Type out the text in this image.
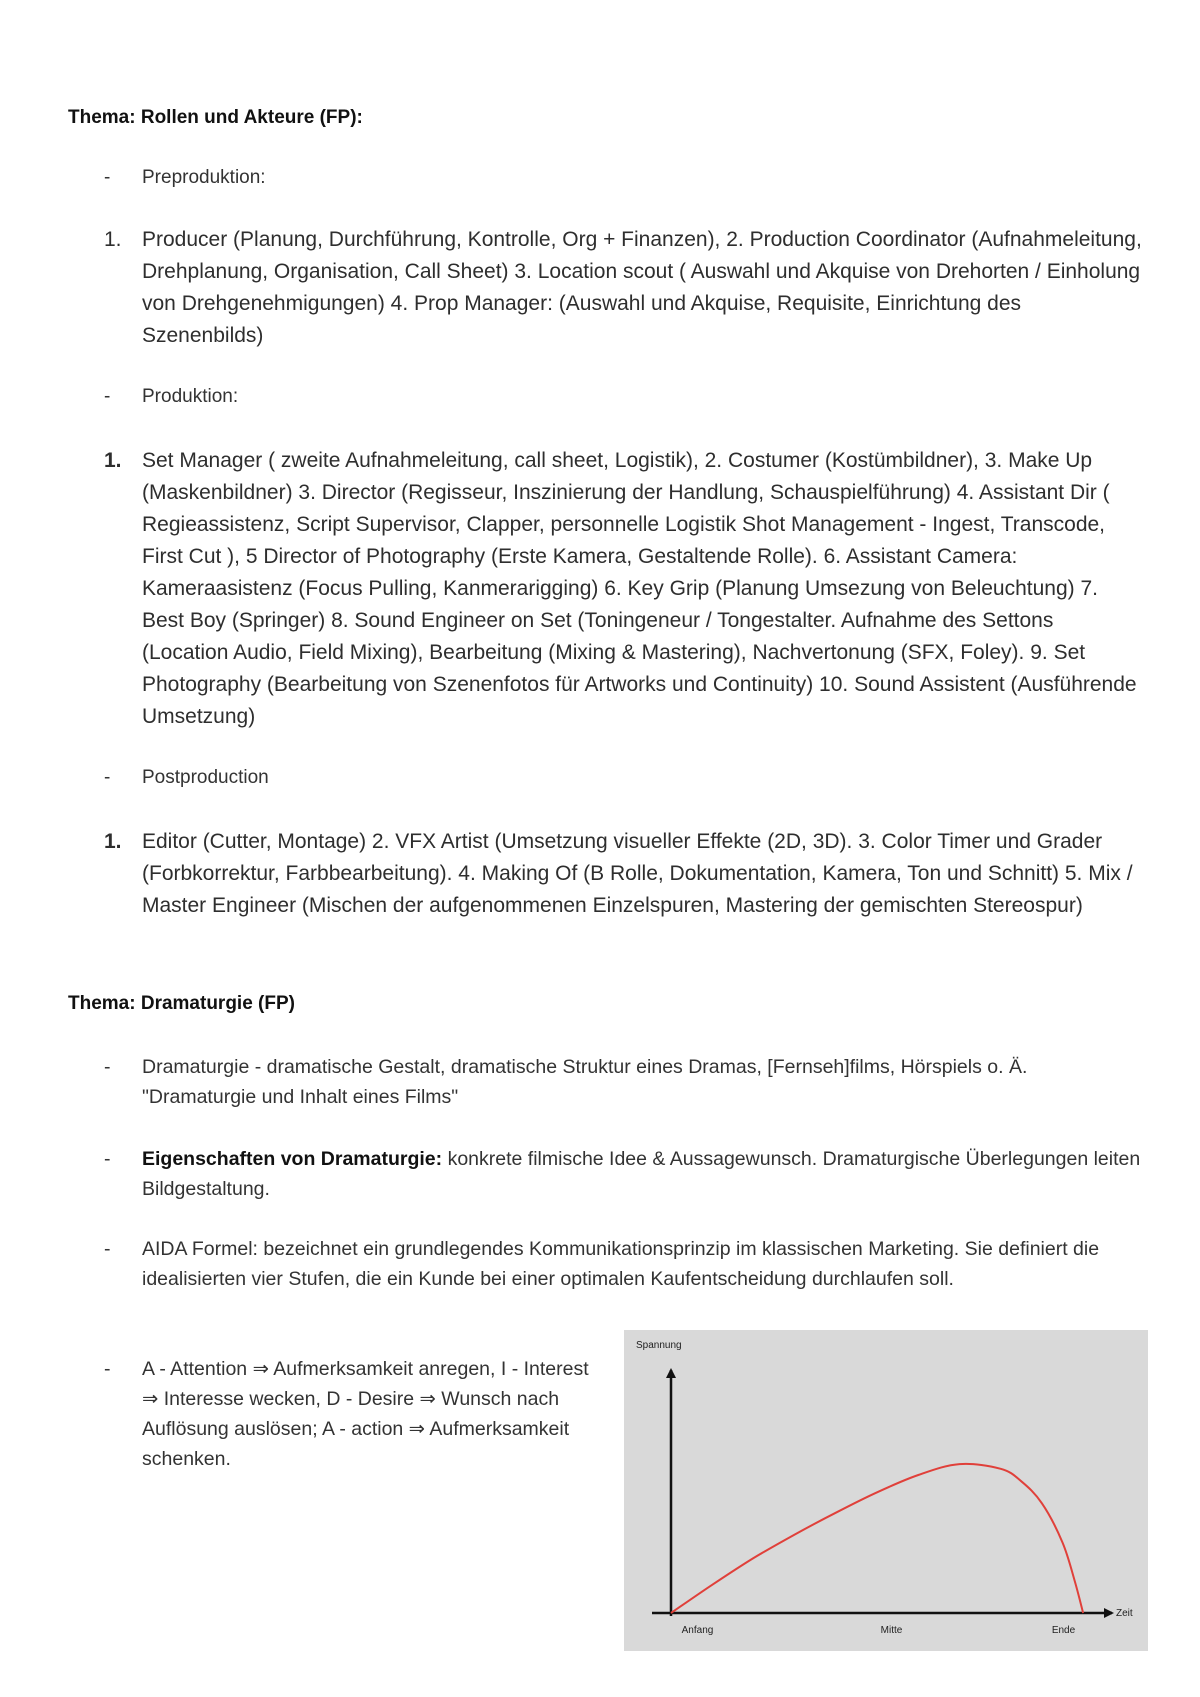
Thema: Rollen und Akteure (FP):
- Preproduktion:
1. Producer (Planung, Durchführung, Kontrolle, Org + Finanzen), 2. Production Coordinator (Aufnahmeleitung, Drehplanung, Organisation, Call Sheet) 3. Location scout ( Auswahl und Akquise von Drehorten / Einholung von Drehgenehmigungen) 4. Prop Manager: (Auswahl und Akquise, Requisite, Einrichtung des Szenenbilds)

- Produktion:
1. Set Manager ( zweite Aufnahmeleitung, call sheet, Logistik), 2. Costumer (Kostümbildner), 3. Make Up (Maskenbildner) 3. Director (Regisseur, Inszinierung der Handlung, Schauspielführung) 4. Assistant Dir ( Regieassistenz, Script Supervisor, Clapper, personnelle Logistik Shot Management - Ingest, Transcode, First Cut ), 5 Director of Photography (Erste Kamera, Gestaltende Rolle). 6. Assistant Camera: Kameraasistenz (Focus Pulling, Kanmerarigging) 6. Key Grip (Planung Umsezung von Beleuchtung) 7. Best Boy (Springer) 8. Sound Engineer on Set (Toningeneur / Tongestalter. Aufnahme des Settons (Location Audio, Field Mixing), Bearbeitung (Mixing & Mastering), Nachvertonung (SFX, Foley). 9. Set Photography (Bearbeitung von Szenenfotos für Artworks und Continuity) 10. Sound Assistent (Ausführende Umsetzung)

- Postproduction
1. Editor (Cutter, Montage) 2. VFX Artist (Umsetzung visueller Effekte (2D, 3D). 3. Color Timer und Grader (Forbkorrektur, Farbbearbeitung). 4. Making Of (B Rolle, Dokumentation, Kamera, Ton und Schnitt) 5. Mix / Master Engineer (Mischen der aufgenommenen Einzelspuren, Mastering der gemischten Stereospur)

Thema: Dramaturgie (FP)
- Dramaturgie - dramatische Gestalt, dramatische Struktur eines Dramas, [Fernseh]films, Hörspiels o. Ä. "Dramaturgie und Inhalt eines Films"

- Eigenschaften von Dramaturgie: konkrete filmische Idee & Aussagewunsch. Dramaturgische Überlegungen leiten Bildgestaltung.

- AIDA Formel: bezeichnet ein grundlegendes Kommunikationsprinzip im klassischen Marketing. Sie definiert die idealisierten vier Stufen, die ein Kunde bei einer optimalen Kaufentscheidung durchlaufen soll.

- A - Attention ⇒ Aufmerksamkeit anregen, I - Interest ⇒ Interesse wecken, D - Desire ⇒ Wunsch nach Auflösung auslösen; A - action ⇒ Aufmerksamkeit schenken.

Spannung
Zeit
Anfang	Mitte	Ende
